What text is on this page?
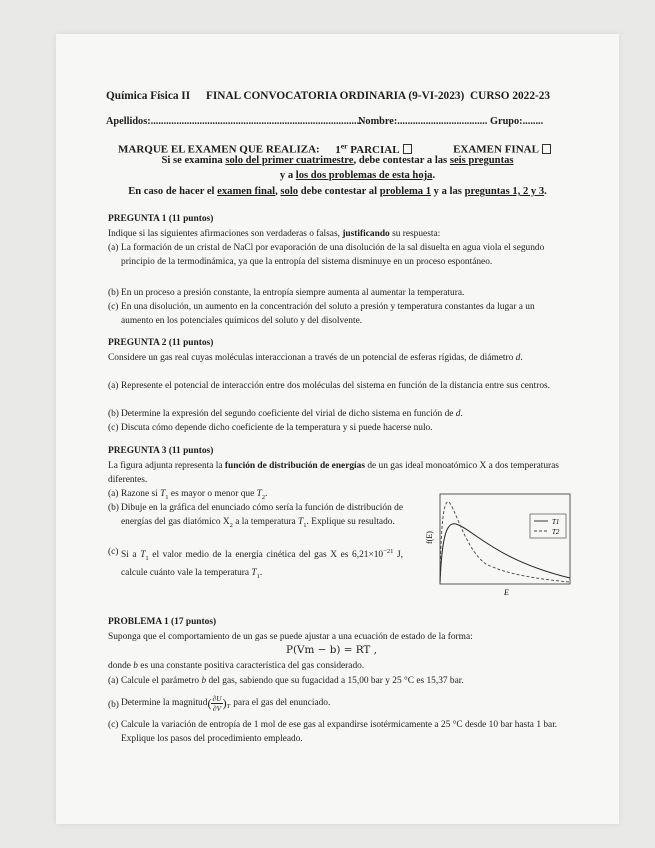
Química Física II FINAL CONVOCATORIA ORDINARIA (9-VI-2023) CURSO 2022-23
Apellidos:..................................................................................
Nombre:................................... Grupo:........
MARQUE EL EXAMEN QUE REALIZA: 1er PARCIAL	EXAMEN FINAL
Si se examina solo del primer cuatrimestre, debe contestar a las seis preguntas
y a los dos problemas de esta hoja.
En caso de hacer el examen final, solo debe contestar al problema 1 y a las preguntas 1, 2 y 3.
PREGUNTA 1 (11 puntos)
Indique si las siguientes afirmaciones son verdaderas o falsas, justificando su respuesta:
(a) La formación de un cristal de NaCl por evaporación de una disolución de la sal disuelta en agua viola el segundo principio de la termodinámica, ya que la entropía del sistema disminuye en un proceso espontáneo.
(b) En un proceso a presión constante, la entropía siempre aumenta al aumentar la temperatura.
(c) En una disolución, un aumento en la concentración del soluto a presión y temperatura constantes da lugar a un aumento en los potenciales químicos del soluto y del disolvente.
PREGUNTA 2 (11 puntos)
Considere un gas real cuyas moléculas interaccionan a través de un potencial de esferas rígidas, de diámetro d.
(a) Represente el potencial de interacción entre dos moléculas del sistema en función de la distancia entre sus centros.
(b) Determine la expresión del segundo coeficiente del virial de dicho sistema en función de d.
(c) Discuta cómo depende dicho coeficiente de la temperatura y si puede hacerse nulo.
PREGUNTA 3 (11 puntos)
La figura adjunta representa la función de distribución de energías de un gas ideal monoatómico X a dos temperaturas diferentes.
(a) Razone si $T_1$ es mayor o menor que $T_2$.
(b) Dibuje en la gráfica del enunciado cómo sería la función de distribución de energías del gas diatómico $X_2$ a la temperatura $T_1$. Explique su resultado.
(c) Si a $T_1$ el valor medio de la energía cinética del gas X es $6,21\times 10^{-21}$ J, calcule cuánto vale la temperatura $T_1$.
f(E)
T1
T2
E
PROBLEMA 1 (17 puntos)
Suponga que el comportamiento de un gas se puede ajustar a una ecuación de estado de la forma:
P(Vm − b) = RT ,
donde b es una constante positiva característica del gas considerado.
(a) Calcule el parámetro b del gas, sabiendo que su fugacidad a 15,00 bar y 25 °C es 15,37 bar.
(b) Determine la magnitud ( ∂U
∂V )$_T$ para el gas del enunciado.
(c) Calcule la variación de entropía de 1 mol de ese gas al expandirse isotérmicamente a 25 °C desde 10 bar hasta 1 bar. Explique los pasos del procedimiento empleado.
